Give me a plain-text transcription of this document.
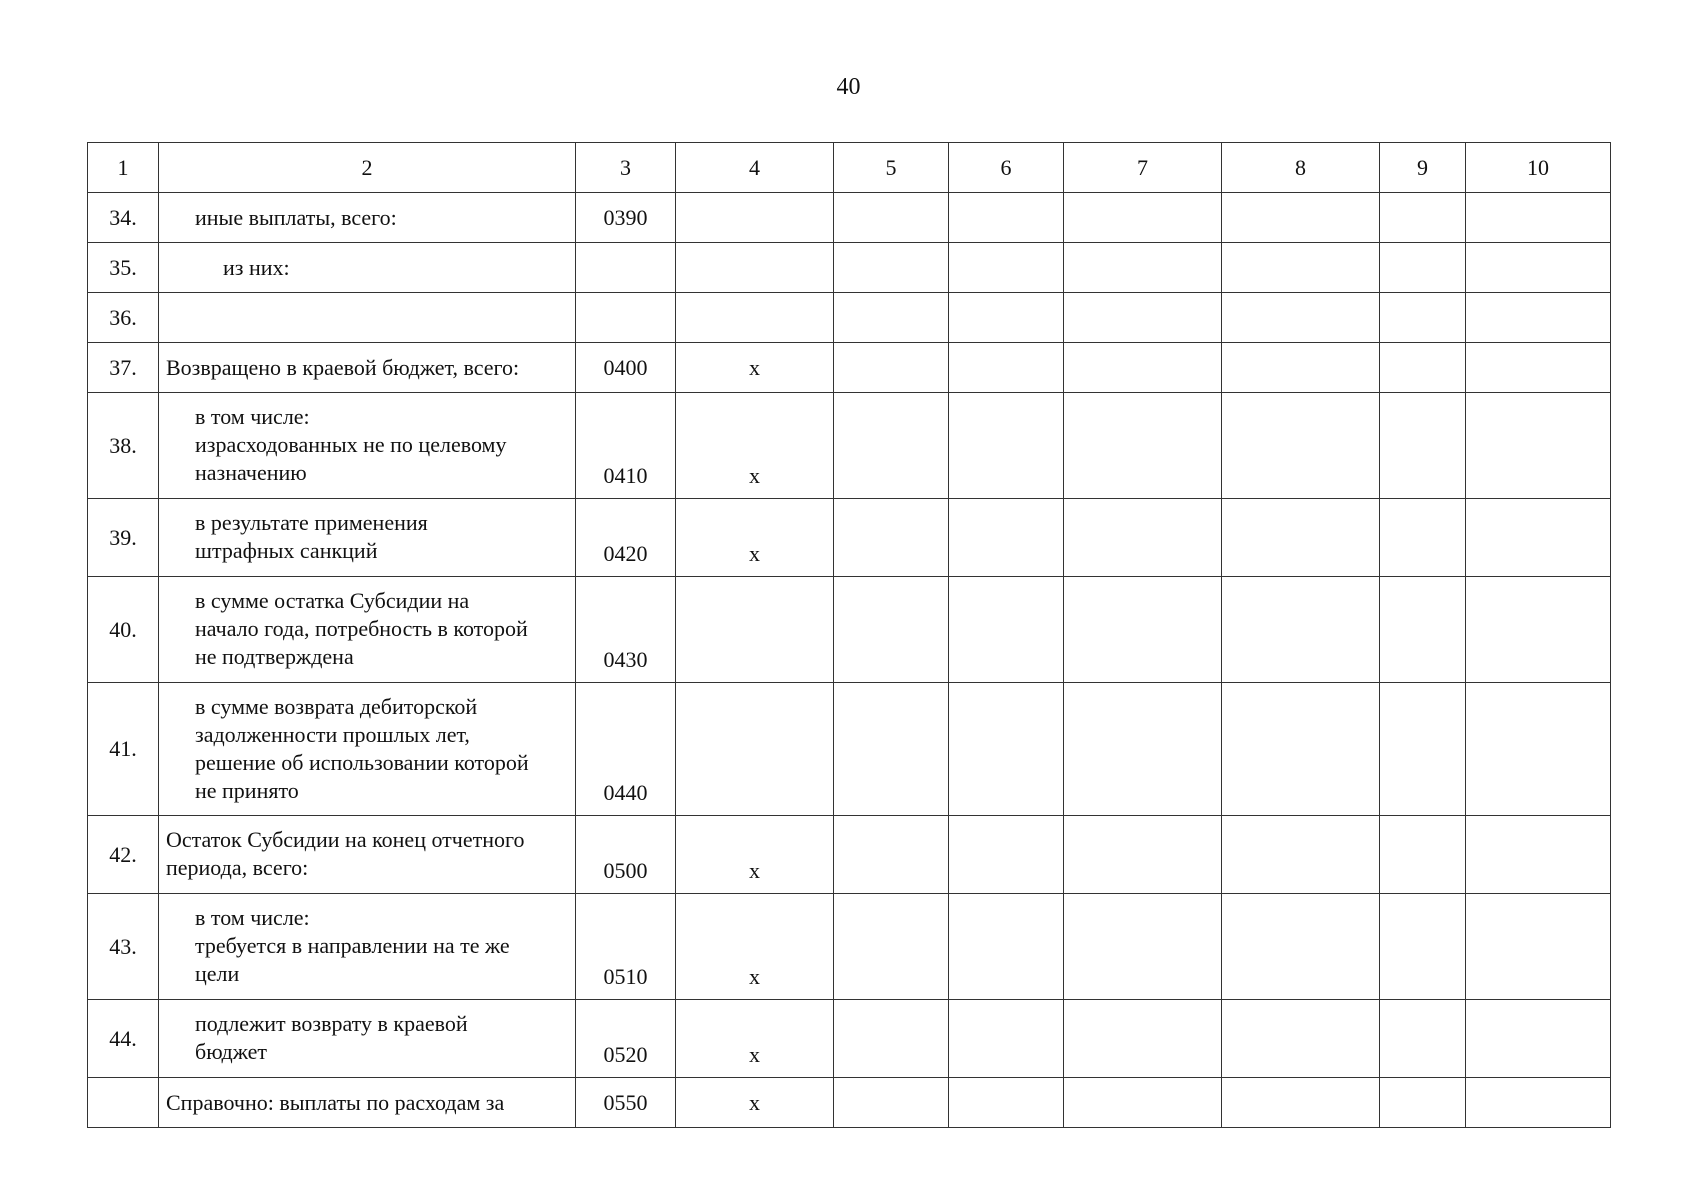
40
1	2	3	4	5	6	7	8	9	10
34.	иные выплаты, всего:	0390							
35.	из них:								

36.	

37.	Возвращено в краевой бюджет, всего:	0400	x						
38.	в том числе:
израсходованных не по целевому
назначению	0410	x						
39.	в результате применения
штрафных санкций	0420	x						
40.	в сумме остатка Субсидии на
начало года, потребность в которой
не подтверждена	0430							
41.	в сумме возврата дебиторской
задолженности прошлых лет,
решение об использовании которой
не принято	0440							
42.	Остаток Субсидии на конец отчетного
периода, всего:	0500	x						
43.	в том числе:
требуется в направлении на те же
цели	0510	x						
44.	подлежит возврату в краевой
бюджет	0520	x						

	Справочно: выплаты по расходам за	0550	x						
